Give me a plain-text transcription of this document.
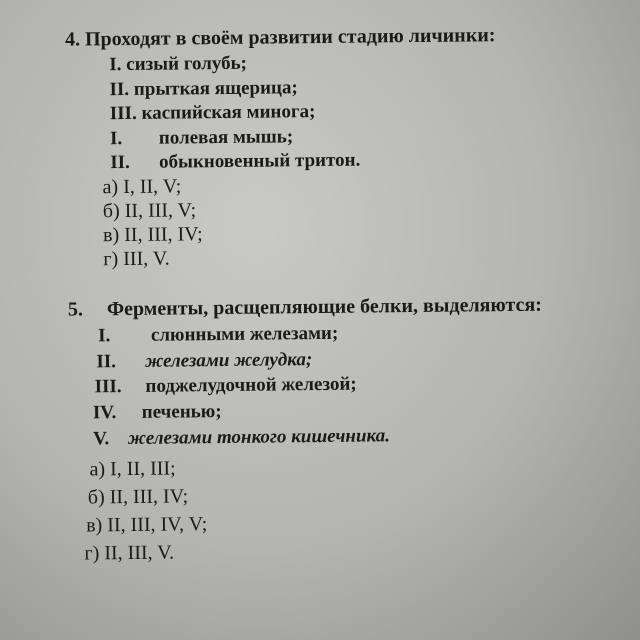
4. Проходят в своём развитии стадию личинки:
I. сизый голубь;
II. прыткая ящерица;
III. каспийская минога;
I. полевая мышь;
II. обыкновенный тритон.
а) I, II, V;
б) II, III, V;
в) II, III, IV;
г) III, V.
5. Ферменты, расщепляющие белки, выделяются:
I. слюнными железами;
II. железами желудка;
III. поджелудочной железой;
IV. печенью;
V. железами тонкого кишечника.
а) I, II, III;
б) II, III, IV;
в) II, III, IV, V;
г) II, III, V.
